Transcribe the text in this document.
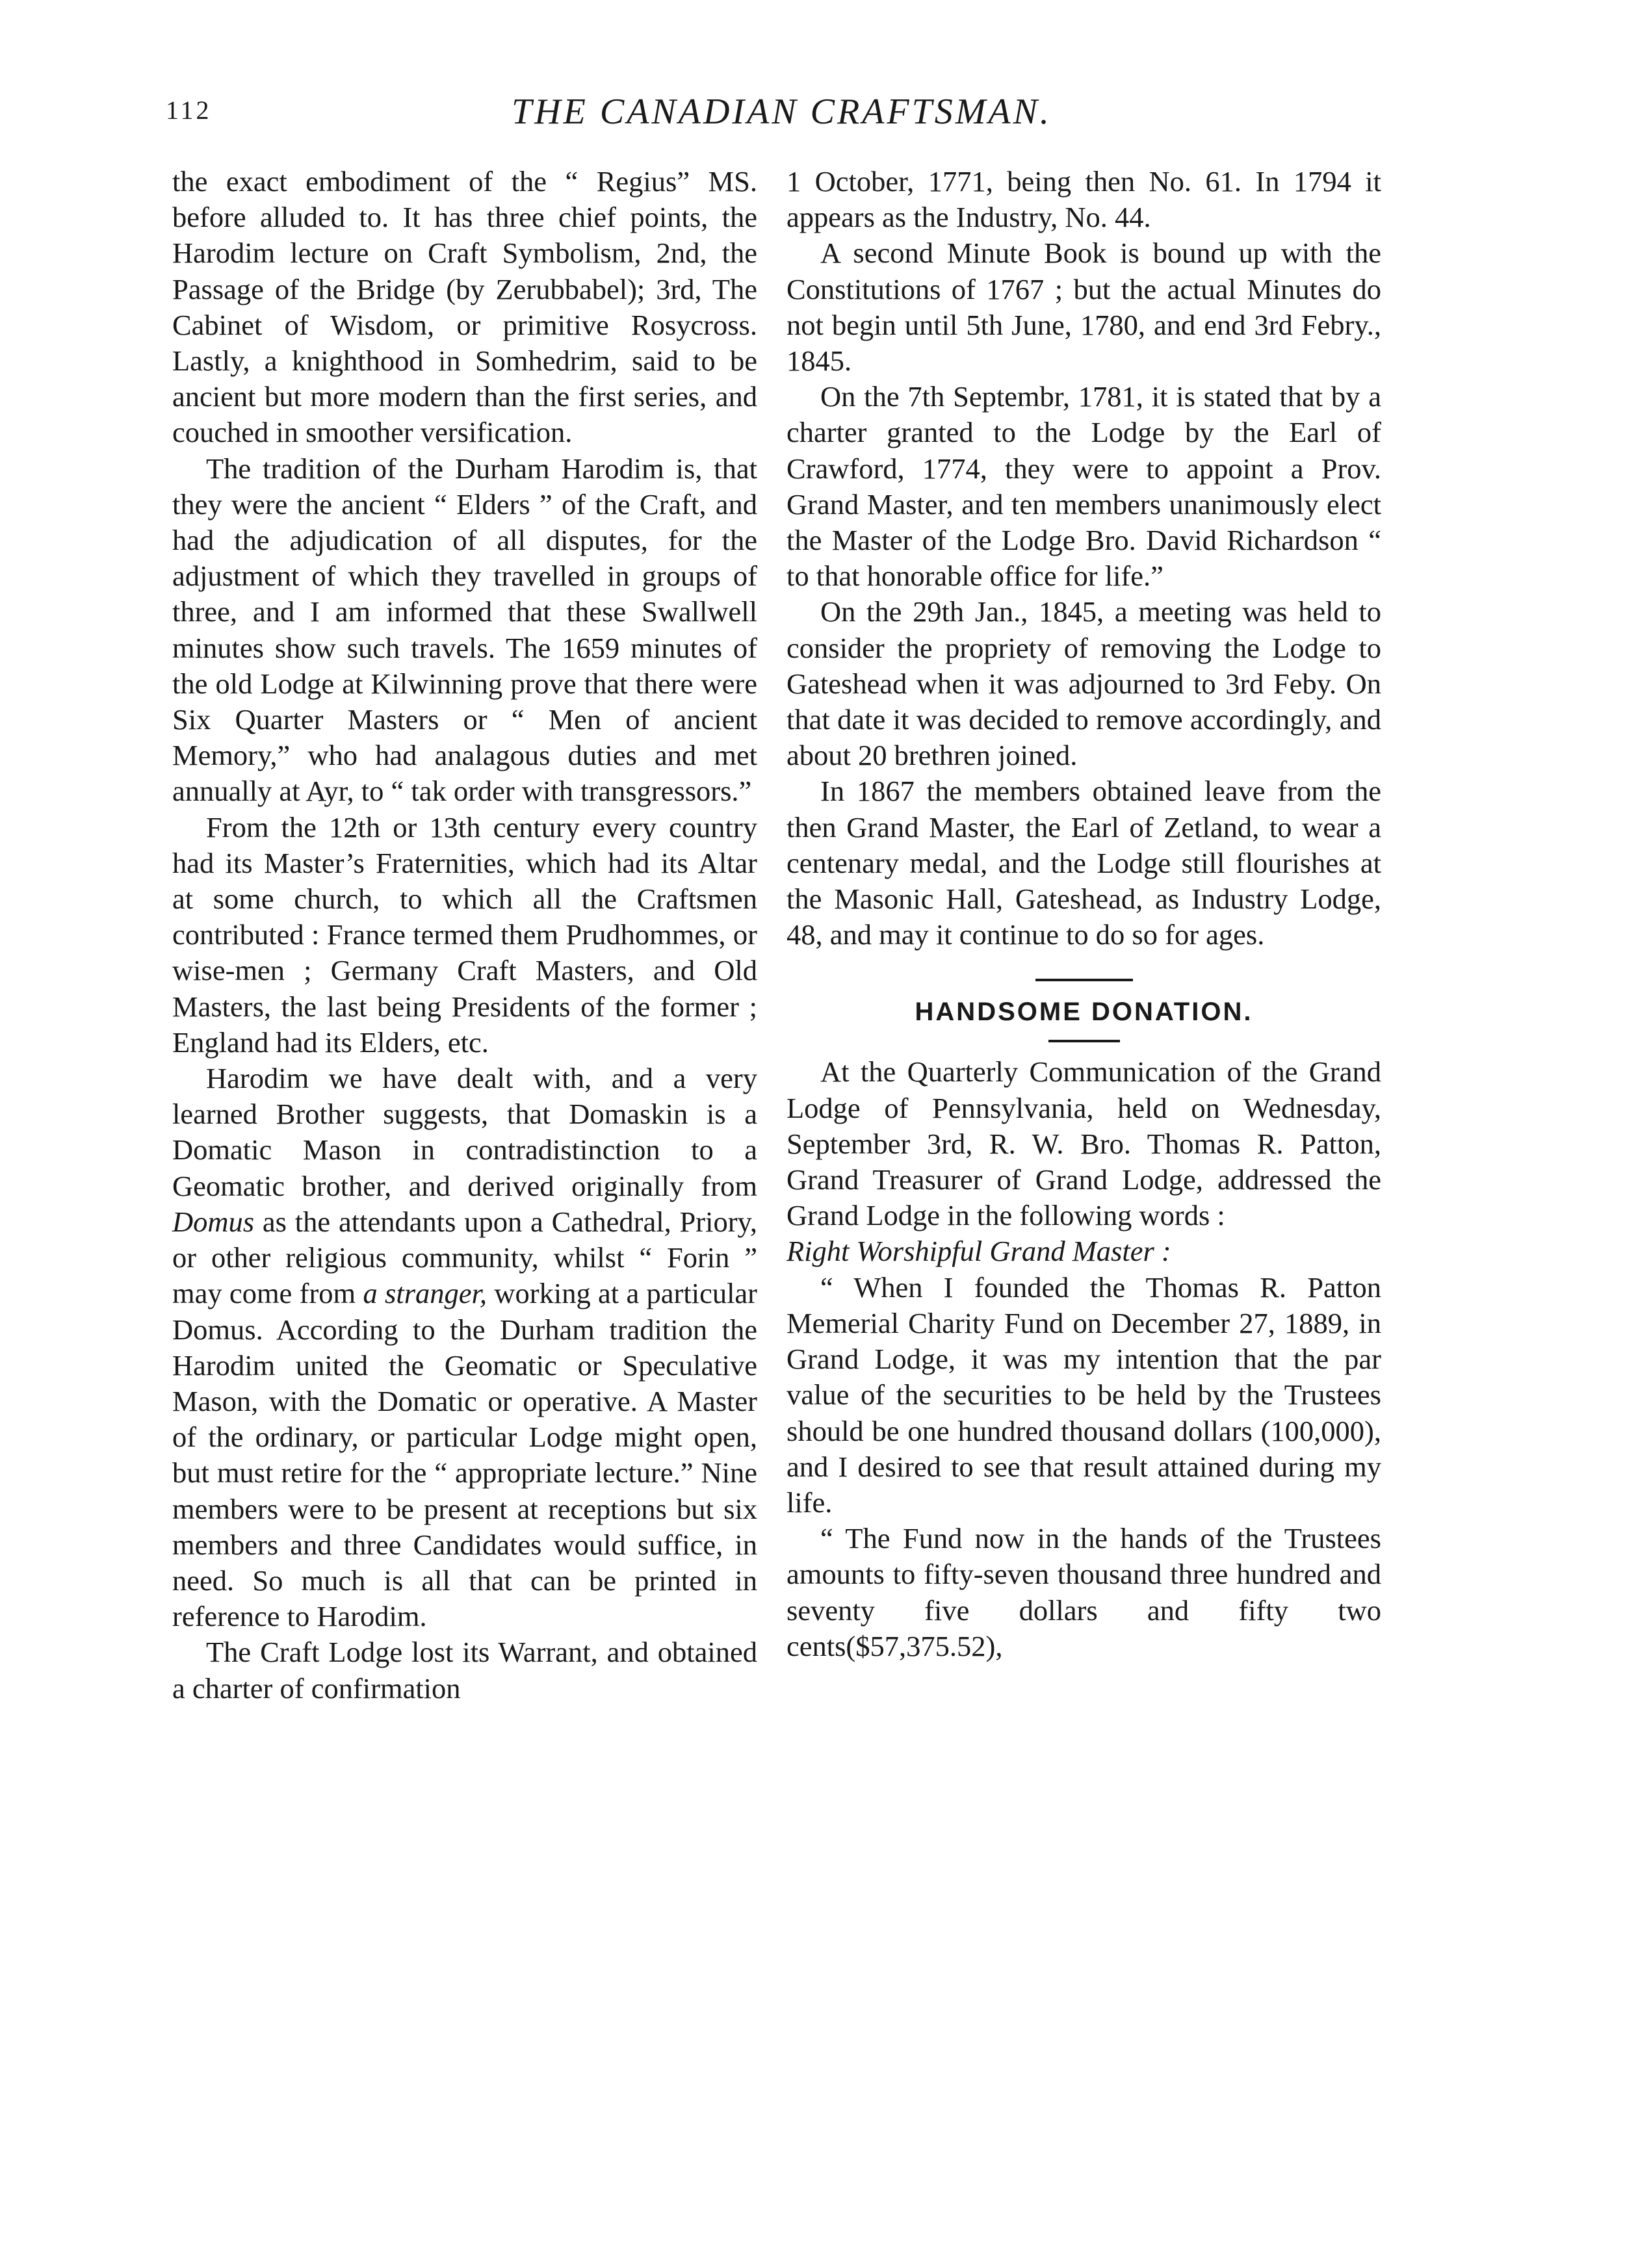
112	THE CANADIAN CRAFTSMAN.

the exact embodiment of the “ Regius” MS. before alluded to. It has three chief points, the Harodim lecture on Craft Symbolism, 2nd, the Passage of the Bridge (by Zerubbabel); 3rd, The Cabinet of Wisdom, or primitive Rosycross. Lastly, a knighthood in Somhedrim, said to be ancient but more modern than the first series, and couched in smoother versification.

The tradition of the Durham Harodim is, that they were the ancient “ Elders ” of the Craft, and had the adjudication of all disputes, for the adjustment of which they travelled in groups of three, and I am informed that these Swallwell minutes show such travels. The 1659 minutes of the old Lodge at Kilwinning prove that there were Six Quarter Masters or “ Men of ancient Memory,” who had analagous duties and met annually at Ayr, to “ tak order with transgressors.”

From the 12th or 13th century every country had its Master’s Fraternities, which had its Altar at some church, to which all the Craftsmen contributed : France termed them Prudhommes, or wise-men ; Germany Craft Masters, and Old Masters, the last being Presidents of the former ; England had its Elders, etc.

Harodim we have dealt with, and a very learned Brother suggests, that Domaskin is a Domatic Mason in contradistinction to a Geomatic brother, and derived originally from Domus as the attendants upon a Cathedral, Priory, or other religious community, whilst “ Forin ” may come from a stranger, working at a particular Domus. According to the Durham tradition the Harodim united the Geomatic or Speculative Mason, with the Domatic or operative. A Master of the ordinary, or particular Lodge might open, but must retire for the “ appropriate lecture.” Nine members were to be present at receptions but six members and three Candidates would suffice, in need. So much is all that can be printed in reference to Harodim.

The Craft Lodge lost its Warrant, and obtained a charter of confirmation

1 October, 1771, being then No. 61. In 1794 it appears as the Industry, No. 44.

A second Minute Book is bound up with the Constitutions of 1767 ; but the actual Minutes do not begin until 5th June, 1780, and end 3rd Febry., 1845.

On the 7th Septembr, 1781, it is stated that by a charter granted to the Lodge by the Earl of Crawford, 1774, they were to appoint a Prov. Grand Master, and ten members unanimously elect the Master of the Lodge Bro. David Richardson “ to that honorable office for life.”

On the 29th Jan., 1845, a meeting was held to consider the propriety of removing the Lodge to Gateshead when it was adjourned to 3rd Feby. On that date it was decided to remove accordingly, and about 20 brethren joined.

In 1867 the members obtained leave from the then Grand Master, the Earl of Zetland, to wear a centenary medal, and the Lodge still flourishes at the Masonic Hall, Gateshead, as Industry Lodge, 48, and may it continue to do so for ages.

HANDSOME DONATION.

At the Quarterly Communication of the Grand Lodge of Pennsylvania, held on Wednesday, September 3rd, R. W. Bro. Thomas R. Patton, Grand Treasurer of Grand Lodge, addressed the Grand Lodge in the following words :

Right Worshipful Grand Master :

“ When I founded the Thomas R. Patton Memerial Charity Fund on December 27, 1889, in Grand Lodge, it was my intention that the par value of the securities to be held by the Trustees should be one hundred thousand dollars (100,000), and I desired to see that result attained during my life.

“ The Fund now in the hands of the Trustees amounts to fifty-seven thousand three hundred and seventy five dollars and fifty two cents($57,375.52),
